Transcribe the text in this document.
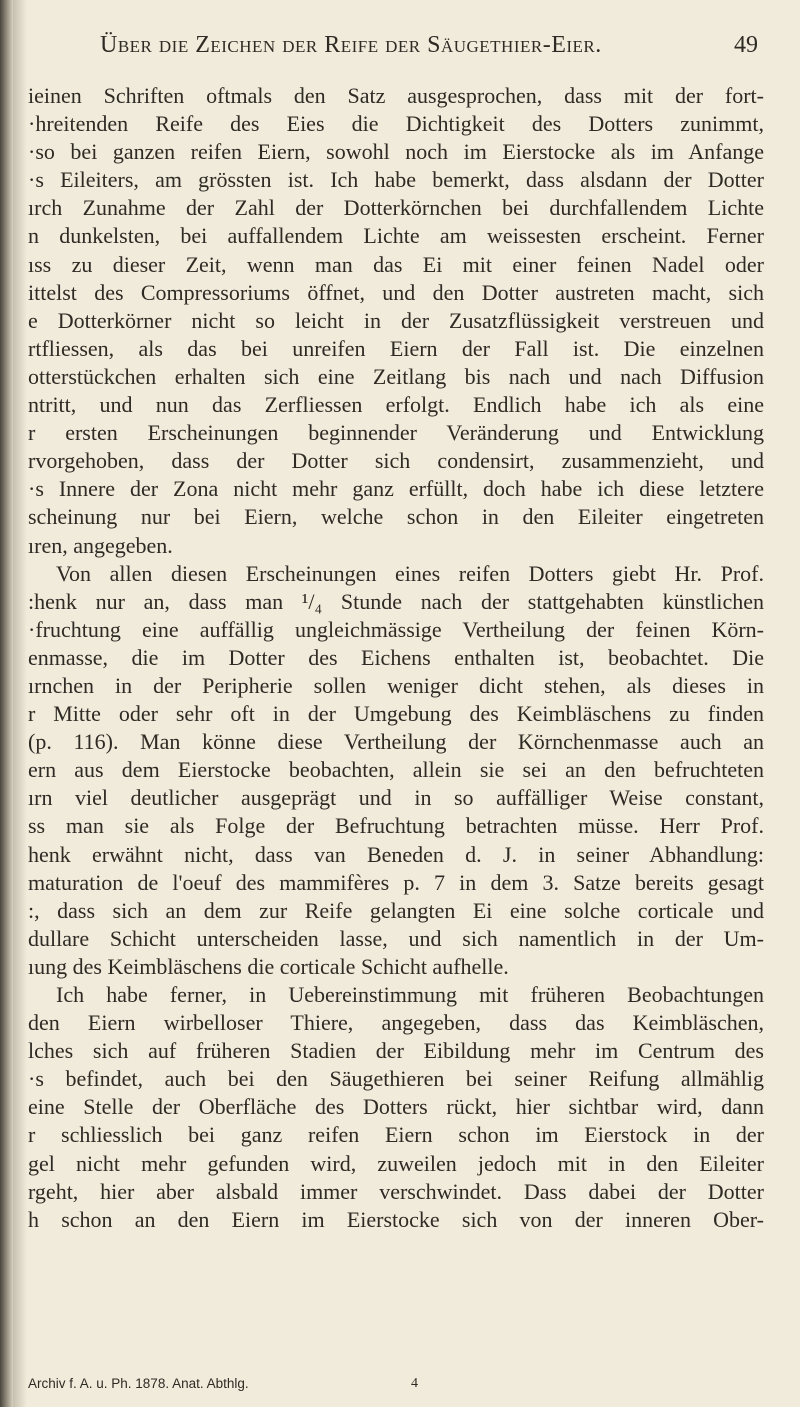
Über die Zeichen der Reife der Säugethier-Eier.	49
ieinen Schriften oftmals den Satz ausgesprochen, dass mit der fort-
·hreitenden Reife des Eies die Dichtigkeit des Dotters zunimmt,
·so bei ganzen reifen Eiern, sowohl noch im Eierstocke als im Anfange
·s Eileiters, am grössten ist. Ich habe bemerkt, dass alsdann der Dotter
ırch Zunahme der Zahl der Dotterkörnchen bei durchfallendem Lichte
n dunkelsten, bei auffallendem Lichte am weissesten erscheint. Ferner
ıss zu dieser Zeit, wenn man das Ei mit einer feinen Nadel oder
ittelst des Compressoriums öffnet, und den Dotter austreten macht, sich
e Dotterkörner nicht so leicht in der Zusatzflüssigkeit verstreuen und
rtfliessen, als das bei unreifen Eiern der Fall ist. Die einzelnen
otterstückchen erhalten sich eine Zeitlang bis nach und nach Diffusion
ntritt, und nun das Zerfliessen erfolgt. Endlich habe ich als eine
r ersten Erscheinungen beginnender Veränderung und Entwicklung
rvorgehoben, dass der Dotter sich condensirt, zusammenzieht, und
·s Innere der Zona nicht mehr ganz erfüllt, doch habe ich diese letztere
scheinung nur bei Eiern, welche schon in den Eileiter eingetreten
ıren, angegeben.
Von allen diesen Erscheinungen eines reifen Dotters giebt Hr. Prof.
:henk nur an, dass man ¹/₄ Stunde nach der stattgehabten künstlichen
·fruchtung eine auffällig ungleichmässige Vertheilung der feinen Körn-
enmasse, die im Dotter des Eichens enthalten ist, beobachtet. Die
ırnchen in der Peripherie sollen weniger dicht stehen, als dieses in
r Mitte oder sehr oft in der Umgebung des Keimbläschens zu finden
(p. 116). Man könne diese Vertheilung der Körnchenmasse auch an
ern aus dem Eierstocke beobachten, allein sie sei an den befruchteten
ırn viel deutlicher ausgeprägt und in so auffälliger Weise constant,
ss man sie als Folge der Befruchtung betrachten müsse. Herr Prof.
henk erwähnt nicht, dass van Beneden d. J. in seiner Abhandlung:
maturation de l'oeuf des mammifères p. 7 in dem 3. Satze bereits gesagt
:, dass sich an dem zur Reife gelangten Ei eine solche corticale und
dullare Schicht unterscheiden lasse, und sich namentlich in der Um-
ıung des Keimbläschens die corticale Schicht aufhelle.
Ich habe ferner, in Uebereinstimmung mit früheren Beobachtungen
den Eiern wirbelloser Thiere, angegeben, dass das Keimbläschen,
lches sich auf früheren Stadien der Eibildung mehr im Centrum des
·s befindet, auch bei den Säugethieren bei seiner Reifung allmählig
eine Stelle der Oberfläche des Dotters rückt, hier sichtbar wird, dann
r schliesslich bei ganz reifen Eiern schon im Eierstock in der
gel nicht mehr gefunden wird, zuweilen jedoch mit in den Eileiter
rgeht, hier aber alsbald immer verschwindet. Dass dabei der Dotter
h schon an den Eiern im Eierstocke sich von der inneren Ober-
Archiv f. A. u. Ph. 1878. Anat. Abthlg.	4
